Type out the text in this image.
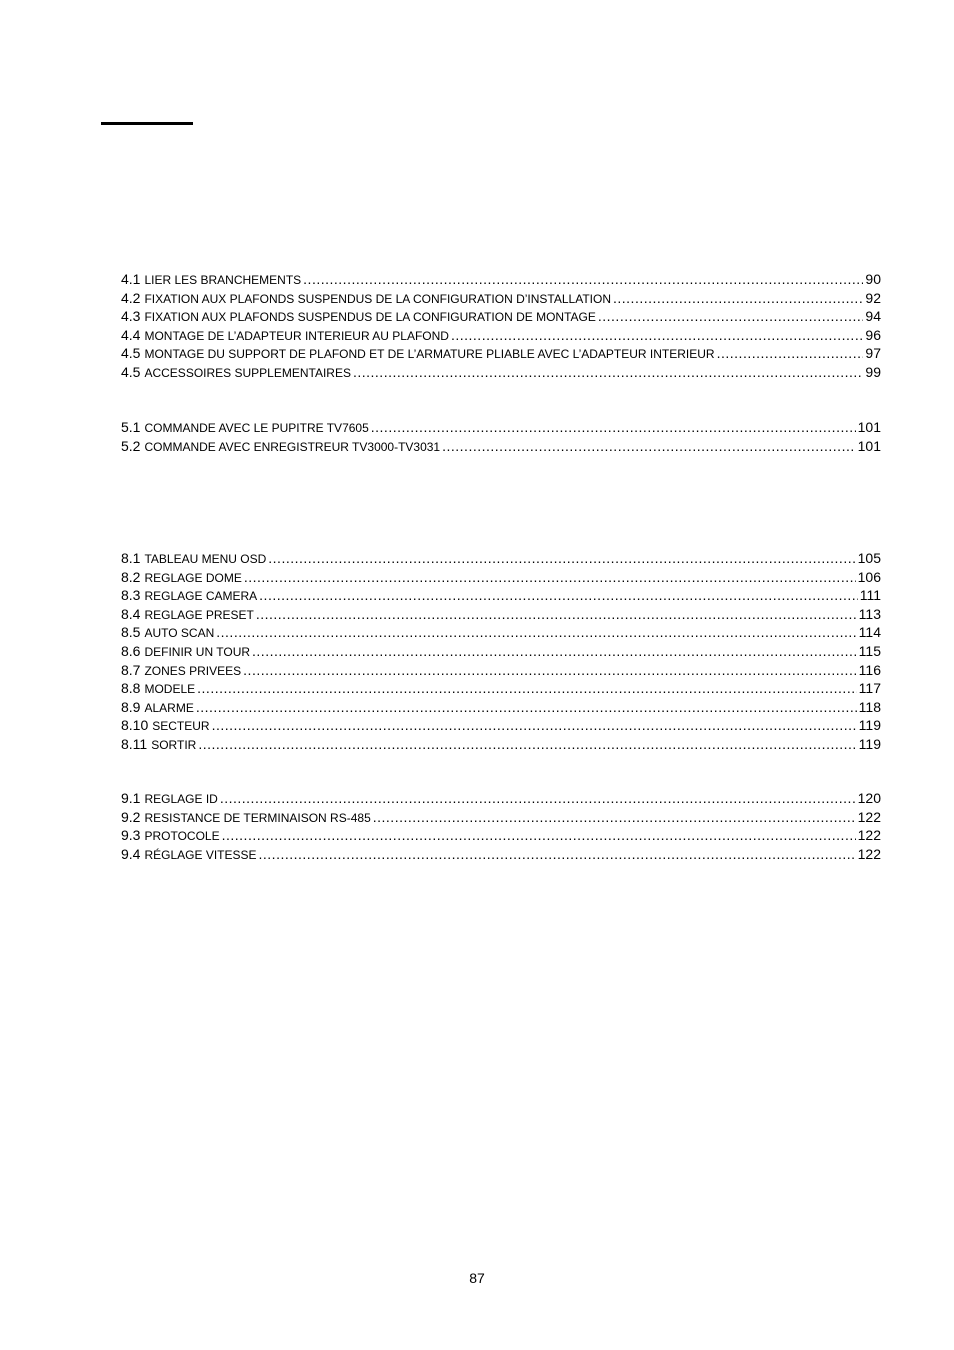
4.1 LIER LES BRANCHEMENTS .....	90
4.2 FIXATION AUX PLAFONDS SUSPENDUS DE LA CONFIGURATION D’INSTALLATION .....	92
4.3 FIXATION AUX PLAFONDS SUSPENDUS DE LA CONFIGURATION DE MONTAGE .....	94
4.4 MONTAGE DE L’ADAPTEUR INTERIEUR AU PLAFOND .....	96
4.5 MONTAGE DU SUPPORT DE PLAFOND ET DE L’ARMATURE PLIABLE AVEC L’ADAPTEUR INTERIEUR .....	97
4.5 ACCESSOIRES SUPPLEMENTAIRES .....	99
5.1 COMMANDE AVEC LE PUPITRE TV7605 .....	101
5.2 COMMANDE AVEC ENREGISTREUR TV3000-TV3031 .....	101
8.1 TABLEAU MENU OSD .....	105
8.2 REGLAGE DOME .....	106
8.3 REGLAGE CAMERA .....	111
8.4 REGLAGE PRESET .....	113
8.5 AUTO SCAN .....	114
8.6 DEFINIR UN TOUR .....	115
8.7 ZONES PRIVEES .....	116
8.8 MODELE .....	117
8.9 ALARME .....	118
8.10 SECTEUR .....	119
8.11 SORTIR .....	119
9.1 REGLAGE ID .....	120
9.2 RESISTANCE DE TERMINAISON RS-485 .....	122
9.3 PROTOCOLE .....	122
9.4 RÉGLAGE VITESSE .....	122
87
